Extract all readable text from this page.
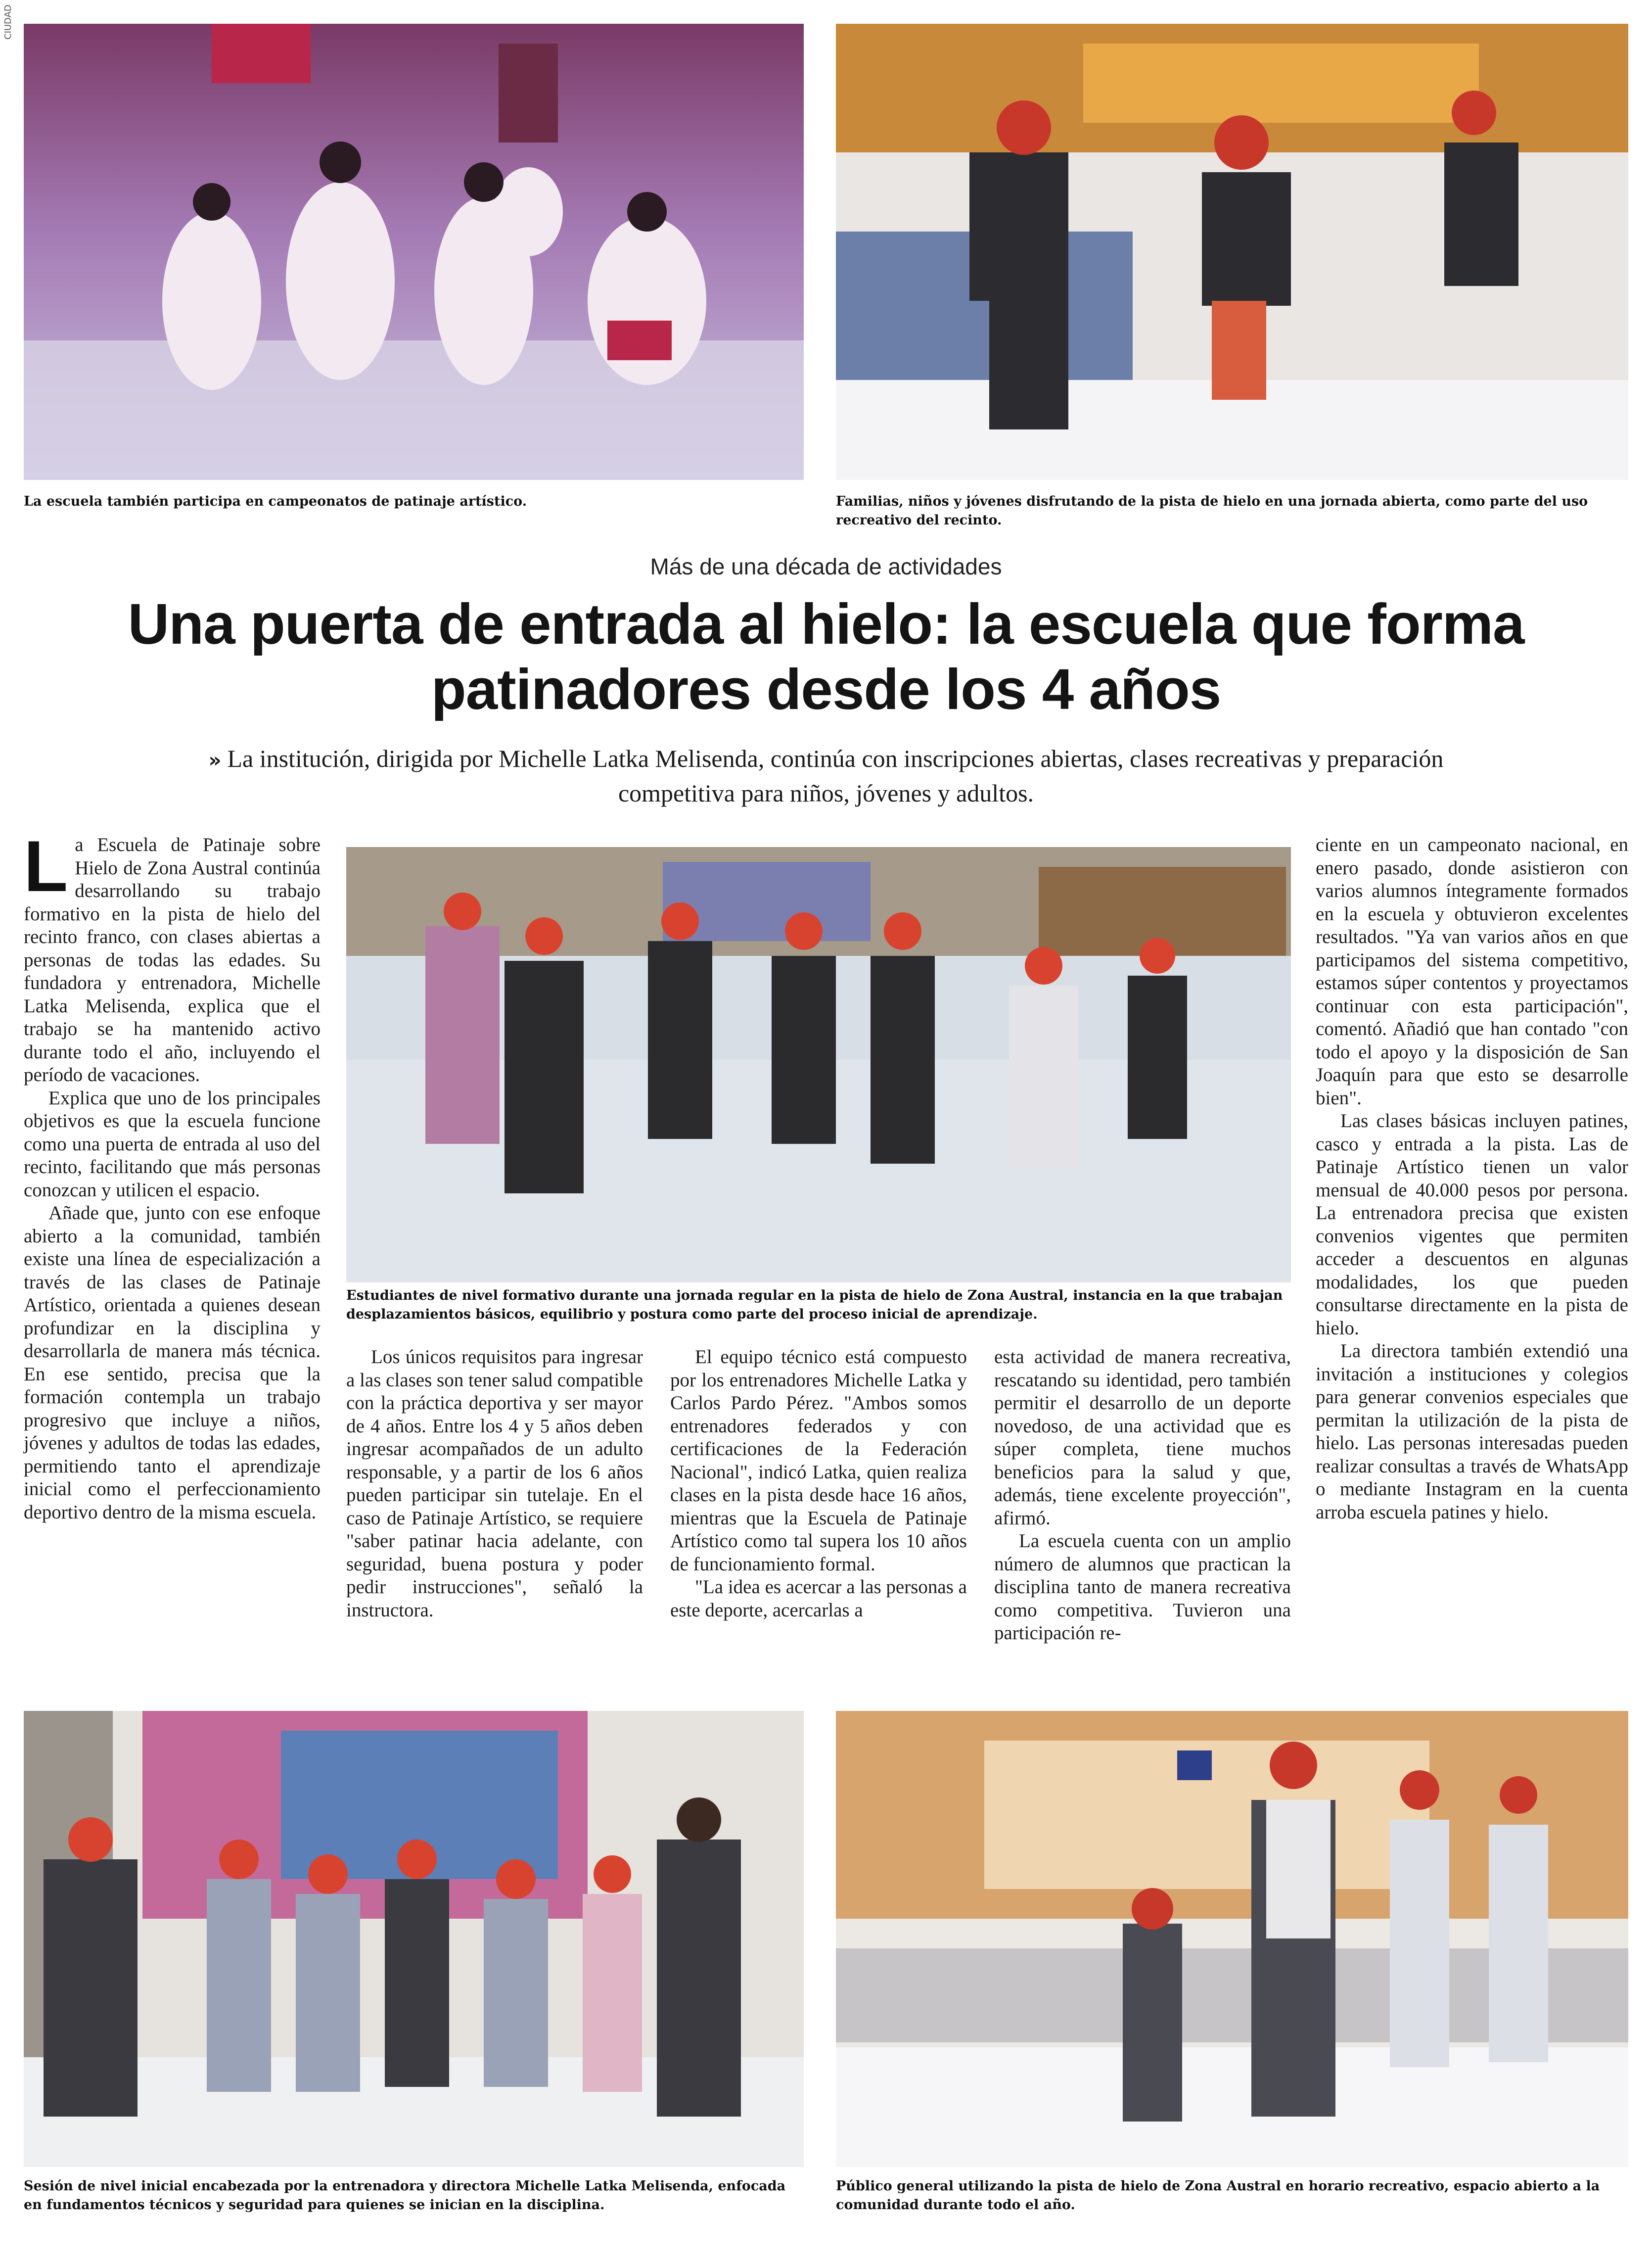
CIUDAD
La escuela también participa en campeonatos de patinaje artístico.	Familias, niños y jóvenes disfrutando de la pista de hielo en una jornada abierta, como parte del uso recreativo del recinto.
Más de una década de actividades
Una puerta de entrada al hielo: la escuela que forma patinadores desde los 4 años
» La institución, dirigida por Michelle Latka Melisenda, continúa con inscripciones abiertas, clases recreativas y preparación competitiva para niños, jóvenes y adultos.
Estudiantes de nivel formativo durante una jornada regular en la pista de hielo de Zona Austral, instancia en la que trabajan desplazamientos básicos, equilibrio y postura como parte del proceso inicial de aprendizaje.

La Escuela de Patinaje sobre Hielo de Zona Austral continúa desarrollando su trabajo formativo en la pista de hielo del recinto franco, con clases abiertas a personas de todas las edades. Su fundadora y entrenadora, Michelle Latka Melisenda, explica que el trabajo se ha mantenido activo durante todo el año, incluyendo el período de vacaciones.

Explica que uno de los principales objetivos es que la escuela funcione como una puerta de entrada al uso del recinto, facilitando que más personas conozcan y utilicen el espacio.

Añade que, junto con ese enfoque abierto a la comunidad, también existe una línea de especialización a través de las clases de Patinaje Artístico, orientada a quienes desean profundizar en la disciplina y desarrollarla de manera más técnica. En ese sentido, precisa que la formación contempla un trabajo progresivo que incluye a niños, jóvenes y adultos de todas las edades, permitiendo tanto el aprendizaje inicial como el perfeccionamiento deportivo dentro de la misma escuela.

Los únicos requisitos para ingresar a las clases son tener salud compatible con la práctica deportiva y ser mayor de 4 años. Entre los 4 y 5 años deben ingresar acompañados de un adulto responsable, y a partir de los 6 años pueden participar sin tutelaje. En el caso de Patinaje Artístico, se requiere "saber patinar hacia adelante, con seguridad, buena postura y poder pedir instrucciones", señaló la instructora.

El equipo técnico está compuesto por los entrenadores Michelle Latka y Carlos Pardo Pérez. "Ambos somos entrenadores federados y con certificaciones de la Federación Nacional", indicó Latka, quien realiza clases en la pista desde hace 16 años, mientras que la Escuela de Patinaje Artístico como tal supera los 10 años de funcionamiento formal.

"La idea es acercar a las personas a este deporte, acercarlas a

esta actividad de manera recreativa, rescatando su identidad, pero también permitir el desarrollo de un deporte novedoso, de una actividad que es súper completa, tiene muchos beneficios para la salud y que, además, tiene excelente proyección", afirmó.

La escuela cuenta con un amplio número de alumnos que practican la disciplina tanto de manera recreativa como competitiva. Tuvieron una participación re-

ciente en un campeonato nacional, en enero pasado, donde asistieron con varios alumnos íntegramente formados en la escuela y obtuvieron excelentes resultados. "Ya van varios años en que participamos del sistema competitivo, estamos súper contentos y proyectamos continuar con esta participación", comentó. Añadió que han contado "con todo el apoyo y la disposición de San Joaquín para que esto se desarrolle bien".

Las clases básicas incluyen patines, casco y entrada a la pista. Las de Patinaje Artístico tienen un valor mensual de 40.000 pesos por persona. La entrenadora precisa que existen convenios vigentes que permiten acceder a descuentos en algunas modalidades, los que pueden consultarse directamente en la pista de hielo.

La directora también extendió una invitación a instituciones y colegios para generar convenios especiales que permitan la utilización de la pista de hielo. Las personas interesadas pueden realizar consultas a través de WhatsApp o mediante Instagram en la cuenta arroba escuela patines y hielo.

Sesión de nivel inicial encabezada por la entrenadora y directora Michelle Latka Melisenda, enfocada en fundamentos técnicos y seguridad para quienes se inician en la disciplina.
Público general utilizando la pista de hielo de Zona Austral en horario recreativo, espacio abierto a la comunidad durante todo el año.
